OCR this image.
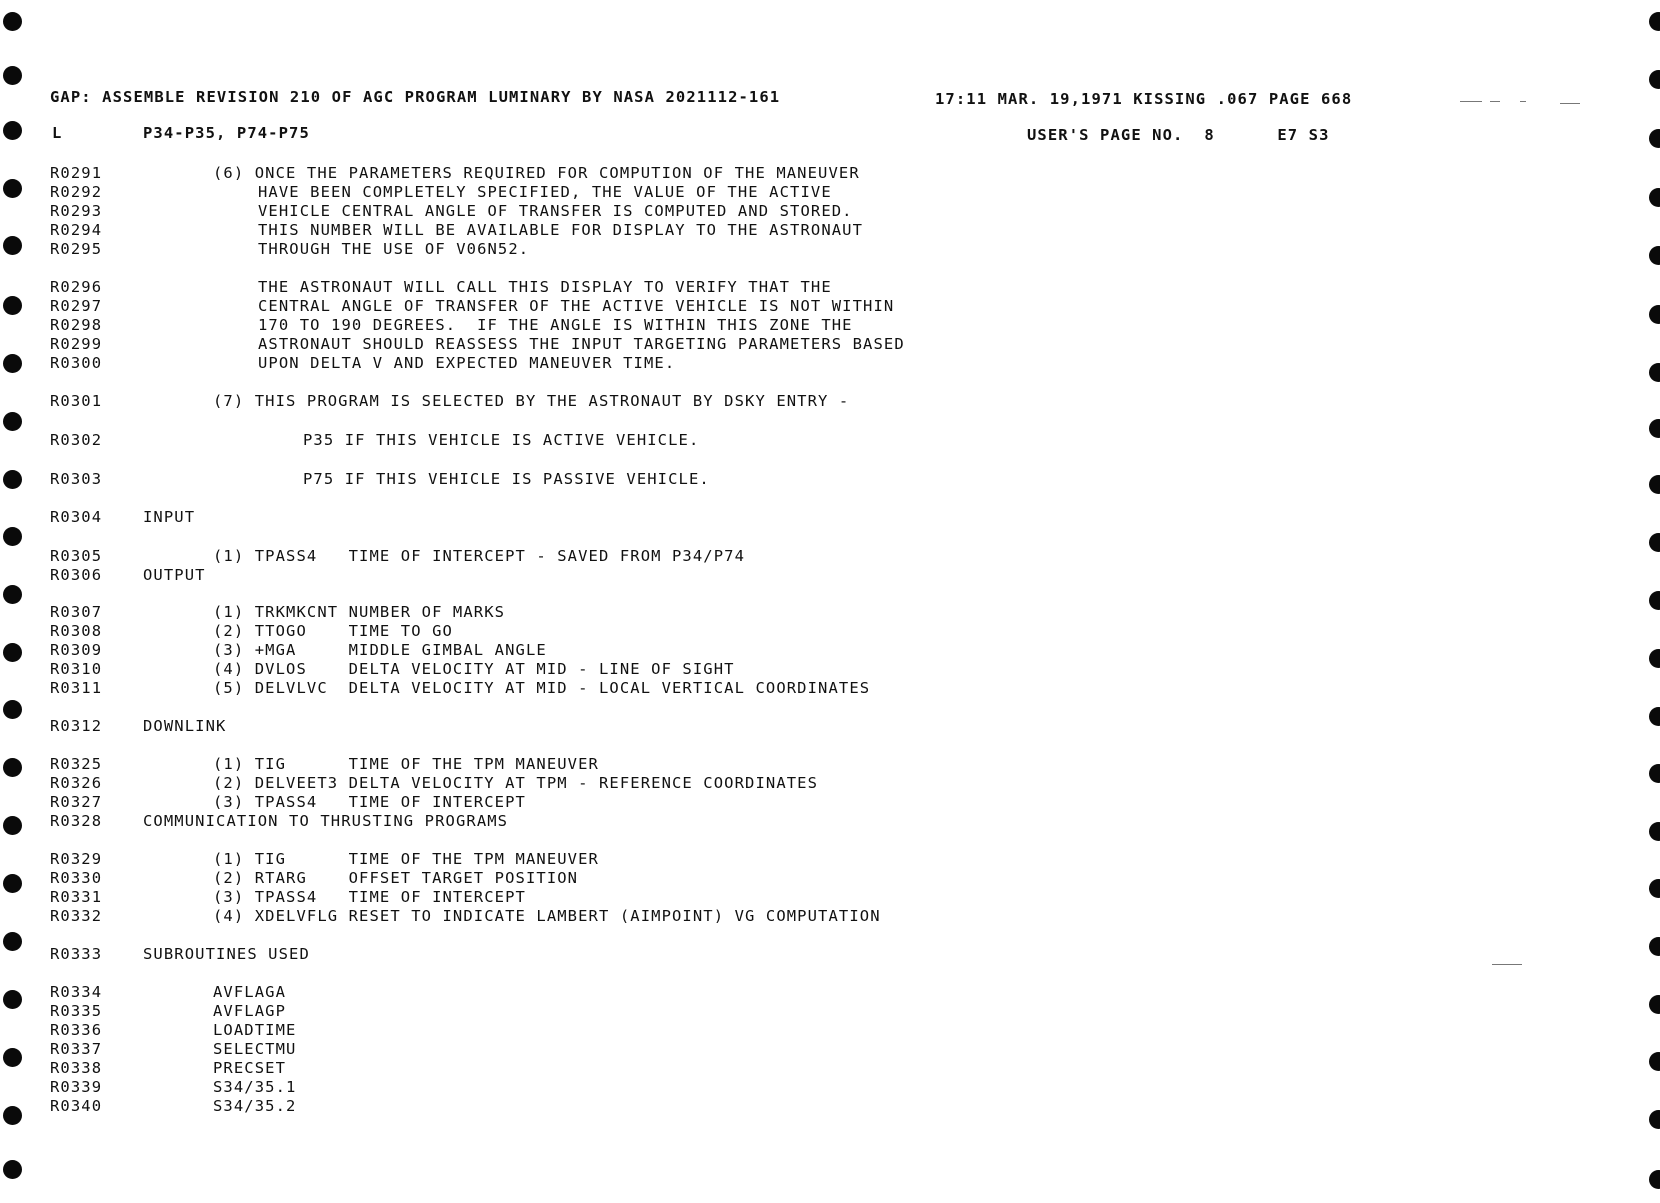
GAP: ASSEMBLE REVISION 210 OF AGC PROGRAM LUMINARY BY NASA 2021112-161	17:11 MAR. 19,1971 KISSING .067 PAGE 668
L	P34-P35, P74-P75	USER'S PAGE NO.  8      E7 S3
R0291	(6) ONCE THE PARAMETERS REQUIRED FOR COMPUTION OF THE MANEUVER
R0292	HAVE BEEN COMPLETELY SPECIFIED, THE VALUE OF THE ACTIVE
R0293	VEHICLE CENTRAL ANGLE OF TRANSFER IS COMPUTED AND STORED.
R0294	THIS NUMBER WILL BE AVAILABLE FOR DISPLAY TO THE ASTRONAUT
R0295	THROUGH THE USE OF V06N52.
R0296	THE ASTRONAUT WILL CALL THIS DISPLAY TO VERIFY THAT THE
R0297	CENTRAL ANGLE OF TRANSFER OF THE ACTIVE VEHICLE IS NOT WITHIN
R0298	170 TO 190 DEGREES.  IF THE ANGLE IS WITHIN THIS ZONE THE
R0299	ASTRONAUT SHOULD REASSESS THE INPUT TARGETING PARAMETERS BASED
R0300	UPON DELTA V AND EXPECTED MANEUVER TIME.
R0301	(7) THIS PROGRAM IS SELECTED BY THE ASTRONAUT BY DSKY ENTRY -
R0302	P35 IF THIS VEHICLE IS ACTIVE VEHICLE.
R0303	P75 IF THIS VEHICLE IS PASSIVE VEHICLE.
R0304	INPUT
R0305	(1) TPASS4   TIME OF INTERCEPT - SAVED FROM P34/P74
R0306	OUTPUT
R0307	(1) TRKMKCNT NUMBER OF MARKS
R0308	(2) TTOGO    TIME TO GO
R0309	(3) +MGA     MIDDLE GIMBAL ANGLE
R0310	(4) DVLOS    DELTA VELOCITY AT MID - LINE OF SIGHT
R0311	(5) DELVLVC  DELTA VELOCITY AT MID - LOCAL VERTICAL COORDINATES
R0312	DOWNLINK
R0325	(1) TIG      TIME OF THE TPM MANEUVER
R0326	(2) DELVEET3 DELTA VELOCITY AT TPM - REFERENCE COORDINATES
R0327	(3) TPASS4   TIME OF INTERCEPT
R0328	COMMUNICATION TO THRUSTING PROGRAMS
R0329	(1) TIG      TIME OF THE TPM MANEUVER
R0330	(2) RTARG    OFFSET TARGET POSITION
R0331	(3) TPASS4   TIME OF INTERCEPT
R0332	(4) XDELVFLG RESET TO INDICATE LAMBERT (AIMPOINT) VG COMPUTATION
R0333	SUBROUTINES USED
R0334	AVFLAGA
R0335	AVFLAGP
R0336	LOADTIME
R0337	SELECTMU
R0338	PRECSET
R0339	S34/35.1
R0340	S34/35.2
